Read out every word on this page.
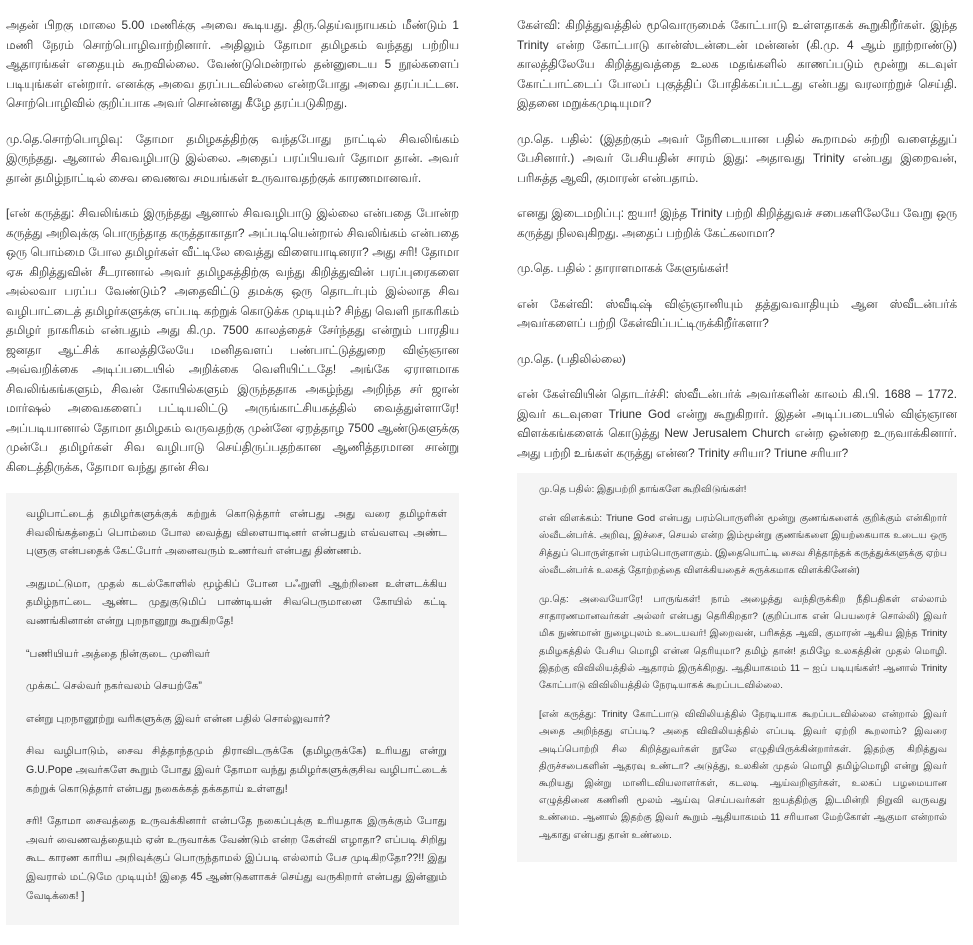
அதன் பிறகு மாலை 5.00 மணிக்கு அவை கூடியது. திரு.தெய்வநாயகம் மீண்டும் 1 மணி நேரம் சொற்பொழிவாற்றினார். அதிலும் தோமா தமிழகம் வந்தது பற்றிய ஆதாரங்கள் எதையும் கூறவில்லை. வேண்டுமென்றால் தன்னுடைய 5 நூல்களைப் படியுங்கள் என்றார். எனக்கு அவை தரப்படவில்லை என்றபோது அவை தரப்பட்டன. சொற்பொழிவில் குறிப்பாக அவர் சொன்னது கீழே தரப்படுகிறது.

மு.தெ.சொற்பொழிவு: தோமா தமிழகத்திற்கு வந்தபோது நாட்டில் சிவலிங்கம் இருந்தது. ஆனால் சிவவழிபாடு இல்லை. அதைப் பரப்பியவர் தோமா தான். அவர் தான் தமிழ்நாட்டில் சைவ வைணவ சமயங்கள் உருவாவதற்குக் காரணமானவர்.

[என் கருத்து: சிவலிங்கம் இருந்தது ஆனால் சிவவழிபாடு இல்லை என்பதை போன்ற கருத்து அறிவுக்கு பொருந்தாத கருத்தாகாதா? அப்படியென்றால் சிவலிங்கம் என்பதை ஒரு பொம்மை போல தமிழர்கள் வீட்டிலே வைத்து விளையாடினரா? அது சரி! தோமா ஏசு கிறித்துவின் சீடரானால் அவர் தமிழகத்திற்கு வந்து கிறித்துவின் பரப்புரைகளை அல்லவா பரப்ப வேண்டும்? அதைவிட்டு தமக்கு ஒரு தொடர்பும் இல்லாத சிவ வழிபாட்டைத் தமிழர்களுக்கு எப்படி கற்றுக் கொடுக்க முடியும்? சிந்து வெளி நாகரிகம் தமிழர் நாகரிகம் என்பதும் அது கி.மு. 7500 காலத்தைச் சேர்ந்தது என்றும் பாரதிய ஜனதா ஆட்சிக் காலத்திலேயே மனிதவளப் பண்பாட்டுத்துறை விஞ்ஞான அவ்வறிக்கை அடிப்படையில் அறிக்கை வெளியிட்டதே! அங்கே ஏராளமாக சிவலிங்கங்களும், சிவன் கோயில்களும் இருந்ததாக அகழ்ந்து அறிந்த சர் ஜான் மார்ஷல் அவைகளைப் பட்டியலிட்டு அருங்காட்சியகத்தில் வைத்துள்ளாரே! அப்படியானால் தோமா தமிழகம் வருவதற்கு முன்னே ஏறத்தாழ 7500 ஆண்டுகளுக்கு முன்பே தமிழர்கள் சிவ வழிபாடு செய்திருப்பதற்கான ஆணித்தரமான சான்று கிடைத்திருக்க, தோமா வந்து தான் சிவ

வழிபாட்டைத் தமிழர்களுக்குக் கற்றுக் கொடுத்தார் என்பது அது வரை தமிழர்கள் சிவலிங்கத்தைப் பொம்மை போல வைத்து விளையாடினர் என்பதும் எவ்வளவு அண்ட புளுகு என்பதைக் கேட்போர் அனைவரும் உணர்வர் என்பது திண்ணம்.

அதுமட்டுமா, முதல் கடல்கோளில் மூழ்கிப் போன பஃறுளி ஆற்றினை உள்ளடக்கிய தமிழ்நாட்டை ஆண்ட முதுகுடுமிப் பாண்டியன் சிவபெருமானை கோயில் கட்டி வணங்கினான் என்று புறநானூறு கூறுகிறதே!

“பணியியர் அத்தை நின்குடை முனிவர்

முக்கட் செல்வர் நகர்வலம் செயற்கே”

என்று புறநானூற்று வரிகளுக்கு இவர் என்ன பதில் சொல்லுவார்?

சிவ வழிபாடும், சைவ சித்தாந்தமும் திராவிடருக்கே (தமிழருக்கே) உரியது என்று G.U.Pope அவர்களே கூறும் போது இவர் தோமா வந்து தமிழர்களுக்குசிவ வழிபாட்டைக் கற்றுக் கொடுத்தார் என்பது நகைக்கத் தக்கதாய் உள்ளது!

சரி! தோமா சைவத்தை உருவக்கினார் என்பதே நகைப்புக்கு உரியதாக இருக்கும் போது அவர் வைணவத்தையும் ஏன் உருவாக்க வேண்டும் என்ற கேள்வி எழாதா? எப்படி சிறிது கூட காரண காரிய அறிவுக்குப் பொருந்தாமல் இப்படி எல்லாம் பேச முடிகிறதோ??!! இது இவரால் மட்டுமே முடியும்! இதை 45 ஆண்டுகளாகச் செய்து வருகிறார் என்பது இன்னும் வேடிக்கை! ]

கேள்வி: கிறித்துவத்தில் மூவொருமைக் கோட்பாடு உள்ளதாகக் கூறுகிறீர்கள். இந்த Trinity என்ற கோட்பாடு கான்ஸ்டன்டைன் மன்னன் (கி.மு. 4 ஆம் நூற்றாண்டு) காலத்திலேயே கிறித்துவத்தை உலக மதங்களில் காணப்படும் மூன்று கடவுள் கோட்பாட்டைப் போலப் புகுத்திப் போதிக்கப்பட்டது என்பது வரலாற்றுச் செய்தி. இதனை மறுக்கமுடியுமா?

மு.தெ. பதில்: (இதற்கும் அவர் நேரிடையான பதில் கூறாமல் சுற்றி வளைத்துப் பேசினார்.) அவர் பேசியதின் சாரம் இது: அதாவது Trinity என்பது இறைவன், பரிசுத்த ஆவி, குமாரன் என்பதாம்.

எனது இடைமறிப்பு: ஐயா! இந்த Trinity பற்றி கிறித்துவச் சபைகளிலேயே வேறு ஒரு கருத்து நிலவுகிறது. அதைப் பற்றிக் கேட்கலாமா?

மு.தெ. பதில் : தாராளமாகக் கேளுங்கள்!

என் கேள்வி: ஸ்வீடிஷ் விஞ்ஞானியும் தத்துவவாதியும் ஆன ஸ்வீடன்பர்க் அவர்களைப் பற்றி கேள்விப்பட்டிருக்கிறீர்களா?

மு.தெ. (பதிலில்லை)

என் கேள்வியின் தொடர்ச்சி: ஸ்வீடன்பர்க் அவர்களின் காலம் கி.பி. 1688 – 1772. இவர் கடவுளை Triune God என்று கூறுகிறார். இதன் அடிப்படையில் விஞ்ஞான விளக்கங்களைக் கொடுத்து New Jerusalem Church என்ற ஒன்றை உருவாக்கினார். அது பற்றி உங்கள் கருத்து என்ன? Trinity சரியா? Triune சரியா?

மு.தெ பதில்: இதுபற்றி தாங்களே கூறிவிடுங்கள்!

என் விளக்கம்: Triune God என்பது பரம்பொருளின் மூன்று குணங்களைக் குறிக்கும் என்கிறார் ஸ்வீடன்பர்க். அறிவு, இச்சை, செயல் என்ற இம்மூன்று குணங்களை இயற்கையாக உடைய ஒரு சித்துப் பொருள்தான் பரம்பொருளாகும். (இதையொட்டி சைவ சித்தாந்தக் கருத்துக்களுக்கு ஏற்ப ஸ்வீடன்பர்க் உலகத் தோற்றத்தை விளக்கியதைச் சுருக்கமாக விளக்கினேன்)

மு.தெ: அவையோரே! பாருங்கள்! நாம் அழைத்து வந்திருக்கிற நீதிபதிகள் எல்லாம் சாதாரணமானவர்கள் அல்லர் என்பது தெரிகிறதா? (குறிப்பாக என் பெயரைச் சொல்லி) இவர் மிக நுண்மான் நுழைபுலம் உடையவர்! இறைவன், பரிசுத்த ஆவி, குமாரன் ஆகிய இந்த Trinity தமிழகத்தில் பேசிய மொழி என்ன தெரியுமா? தமிழ் தான்! தமிழே உலகத்தின் முதல் மொழி. இதற்கு விவிலியத்தில் ஆதாரம் இருக்கிறது. ஆதியாகமம் 11 – ஐப் படியுங்கள்! ஆனால் Trinity கோட்பாடு விவிலியத்தில் நேரடியாகக் கூறப்படவில்லை.

[என் கருத்து: Trinity கோட்பாடு விவிலியத்தில் நேரடியாக கூறப்படவில்லை என்றால் இவர் அதை அறிந்தது எப்படி? அதை விவிலியத்தில் எப்படி இவர் ஏற்றி கூறலாம்? இவரை அடிப்பொற்றி சில கிறித்துவர்கள் நூலே எழுதியிருக்கின்றார்கள். இதற்கு கிறித்துவ திருச்சபைகளின் ஆதரவு உண்டா? அடுத்து, உலகின் முதல் மொழி தமிழ்மொழி என்று இவர் கூறியது இன்று மானிடவியலாளர்கள், கடலடி ஆய்வறிஞர்கள், உலகப் பழமையான எழுத்தினை கணினி மூலம் ஆய்வு செய்பவர்கள் ஐயத்திற்கு இடமின்றி நிறுவி வருவது உண்மை. ஆனால் இதற்கு இவர் கூறும் ஆதியாகமம் 11 சரியான மேற்கோள் ஆகுமா என்றால் ஆகாது என்பது தான் உண்மை.
